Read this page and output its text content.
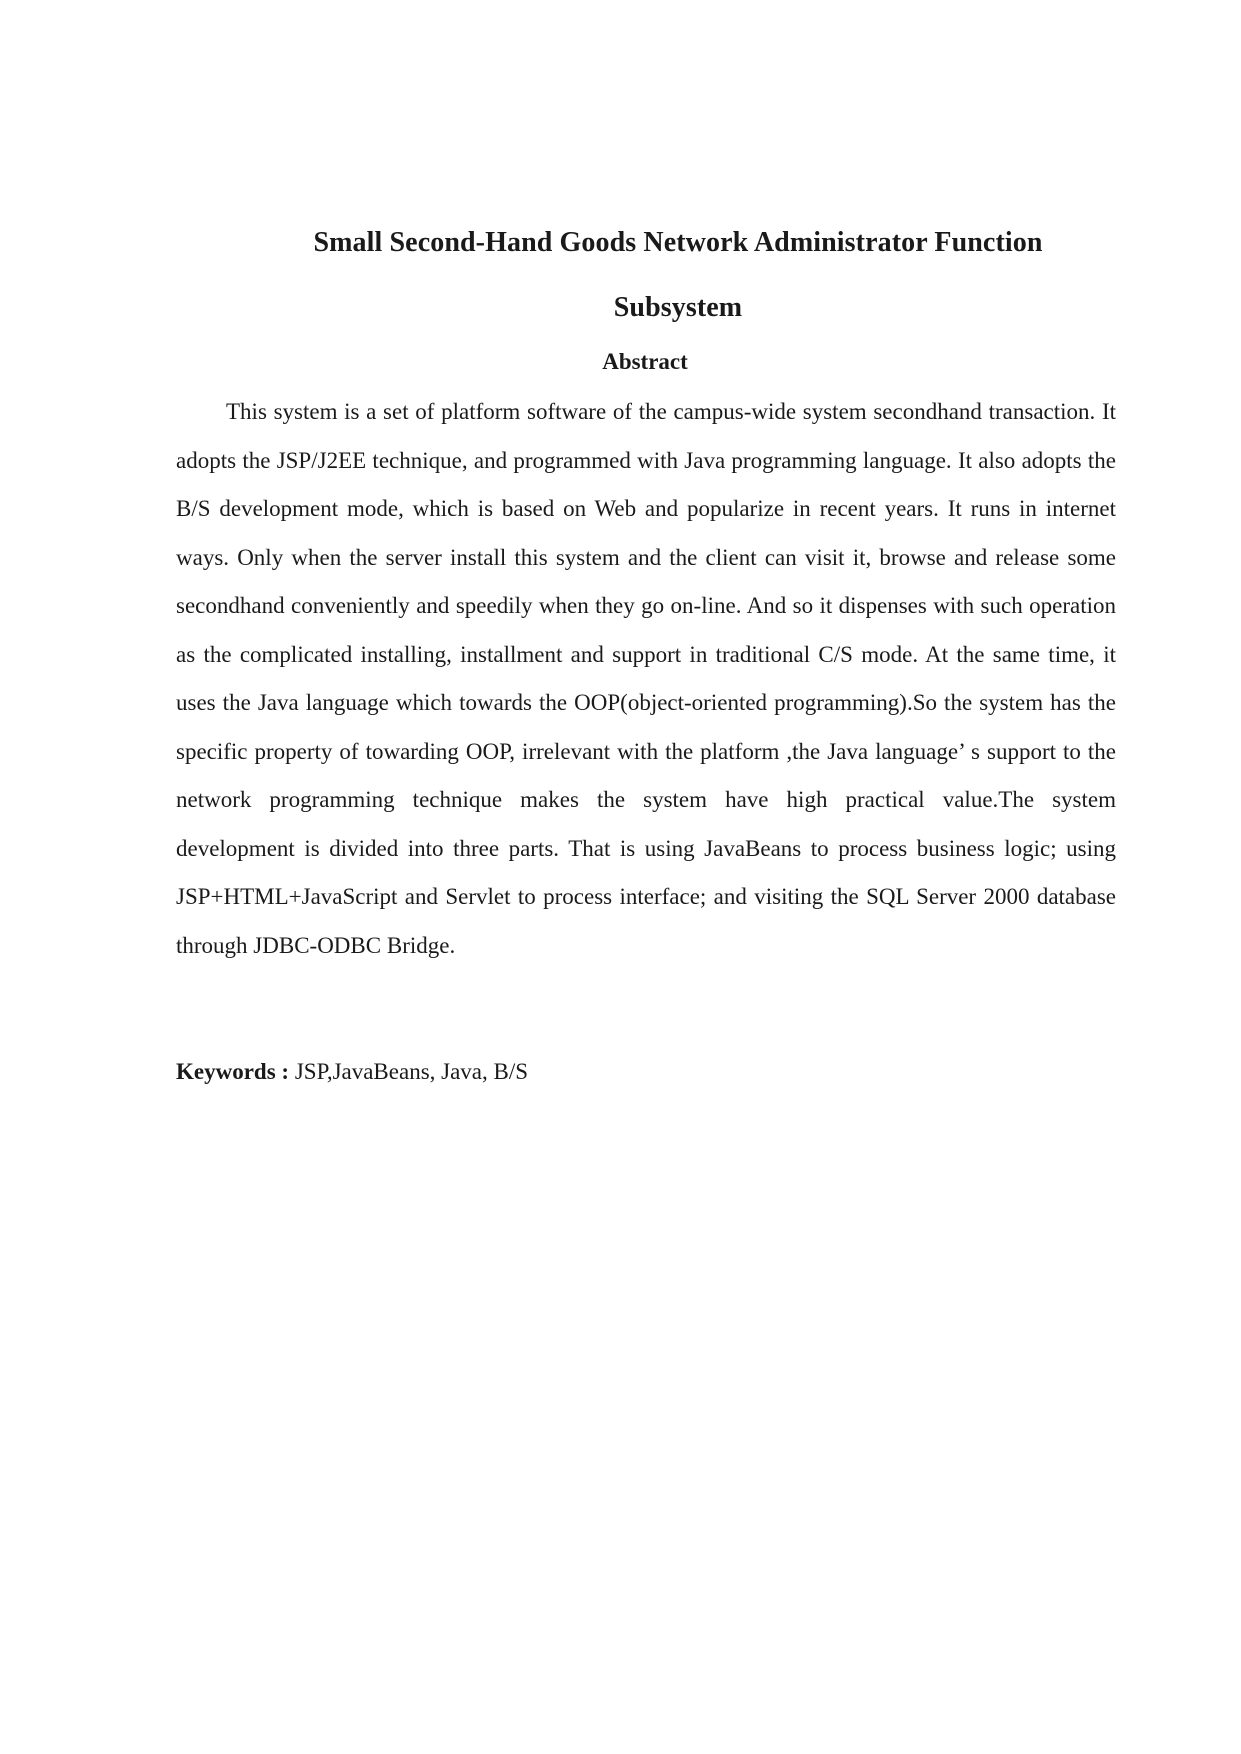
Small Second-Hand Goods Network Administrator Function Subsystem
Abstract

This system is a set of platform software of the campus-wide system secondhand transaction. It adopts the JSP/J2EE technique, and programmed with Java programming language. It also adopts the B/S development mode, which is based on Web and popularize in recent years. It runs in internet ways. Only when the server install this system and the client can visit it, browse and release some secondhand conveniently and speedily when they go on-line. And so it dispenses with such operation as the complicated installing, installment and support in traditional C/S mode. At the same time, it uses the Java language which towards the OOP(object-oriented programming).So the system has the specific property of towarding OOP, irrelevant with the platform ,the Java language’ s support to the network programming technique makes the system have high practical value.The system development is divided into three parts. That is using JavaBeans to process business logic; using JSP+HTML+JavaScript and Servlet to process interface; and visiting the SQL Server 2000 database through JDBC-ODBC Bridge.

Keywords : JSP,JavaBeans, Java, B/S
